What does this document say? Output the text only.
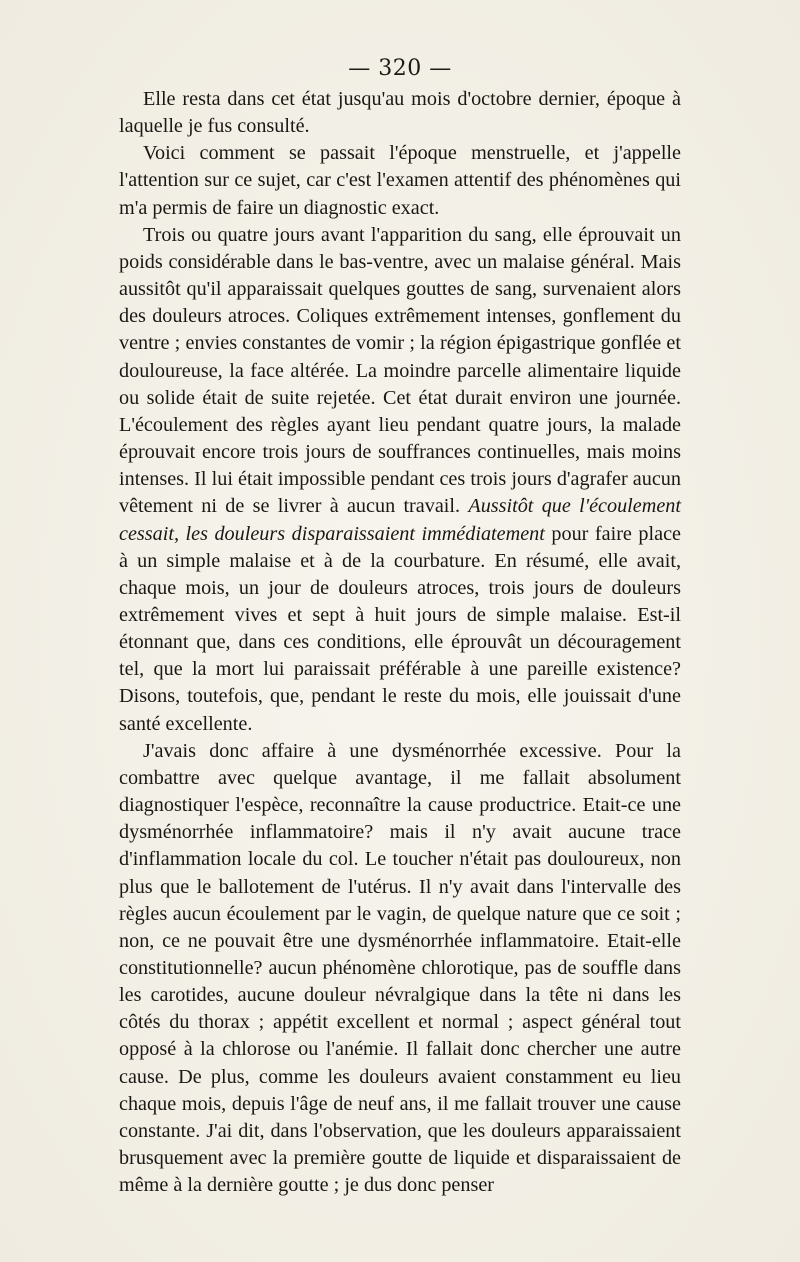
— 320 —

Elle resta dans cet état jusqu'au mois d'octobre dernier, époque à laquelle je fus consulté.

Voici comment se passait l'époque menstruelle, et j'appelle l'attention sur ce sujet, car c'est l'examen attentif des phénomènes qui m'a permis de faire un diagnostic exact.

Trois ou quatre jours avant l'apparition du sang, elle éprouvait un poids considérable dans le bas-ventre, avec un malaise général. Mais aussitôt qu'il apparaissait quelques gouttes de sang, survenaient alors des douleurs atroces. Coliques extrêmement intenses, gonflement du ventre ; envies constantes de vomir ; la région épigastrique gonflée et douloureuse, la face altérée. La moindre parcelle alimentaire liquide ou solide était de suite rejetée. Cet état durait environ une journée. L'écoulement des règles ayant lieu pendant quatre jours, la malade éprouvait encore trois jours de souffrances continuelles, mais moins intenses. Il lui était impossible pendant ces trois jours d'agrafer aucun vêtement ni de se livrer à aucun travail. Aussitôt que l'écoulement cessait, les douleurs disparaissaient immédiatement pour faire place à un simple malaise et à de la courbature. En résumé, elle avait, chaque mois, un jour de douleurs atroces, trois jours de douleurs extrêmement vives et sept à huit jours de simple malaise. Est-il étonnant que, dans ces conditions, elle éprouvât un découragement tel, que la mort lui paraissait préférable à une pareille existence? Disons, toutefois, que, pendant le reste du mois, elle jouissait d'une santé excellente.

J'avais donc affaire à une dysménorrhée excessive. Pour la combattre avec quelque avantage, il me fallait absolument diagnostiquer l'espèce, reconnaître la cause productrice. Etait-ce une dysménorrhée inflammatoire? mais il n'y avait aucune trace d'inflammation locale du col. Le toucher n'était pas douloureux, non plus que le ballotement de l'utérus. Il n'y avait dans l'intervalle des règles aucun écoulement par le vagin, de quelque nature que ce soit ; non, ce ne pouvait être une dysménorrhée inflammatoire. Etait-elle constitutionnelle? aucun phénomène chlorotique, pas de souffle dans les carotides, aucune douleur névralgique dans la tête ni dans les côtés du thorax ; appétit excellent et normal ; aspect général tout opposé à la chlorose ou l'anémie. Il fallait donc chercher une autre cause. De plus, comme les douleurs avaient constamment eu lieu chaque mois, depuis l'âge de neuf ans, il me fallait trouver une cause constante. J'ai dit, dans l'observation, que les douleurs apparaissaient brusquement avec la première goutte de liquide et disparaissaient de même à la dernière goutte ; je dus donc penser
